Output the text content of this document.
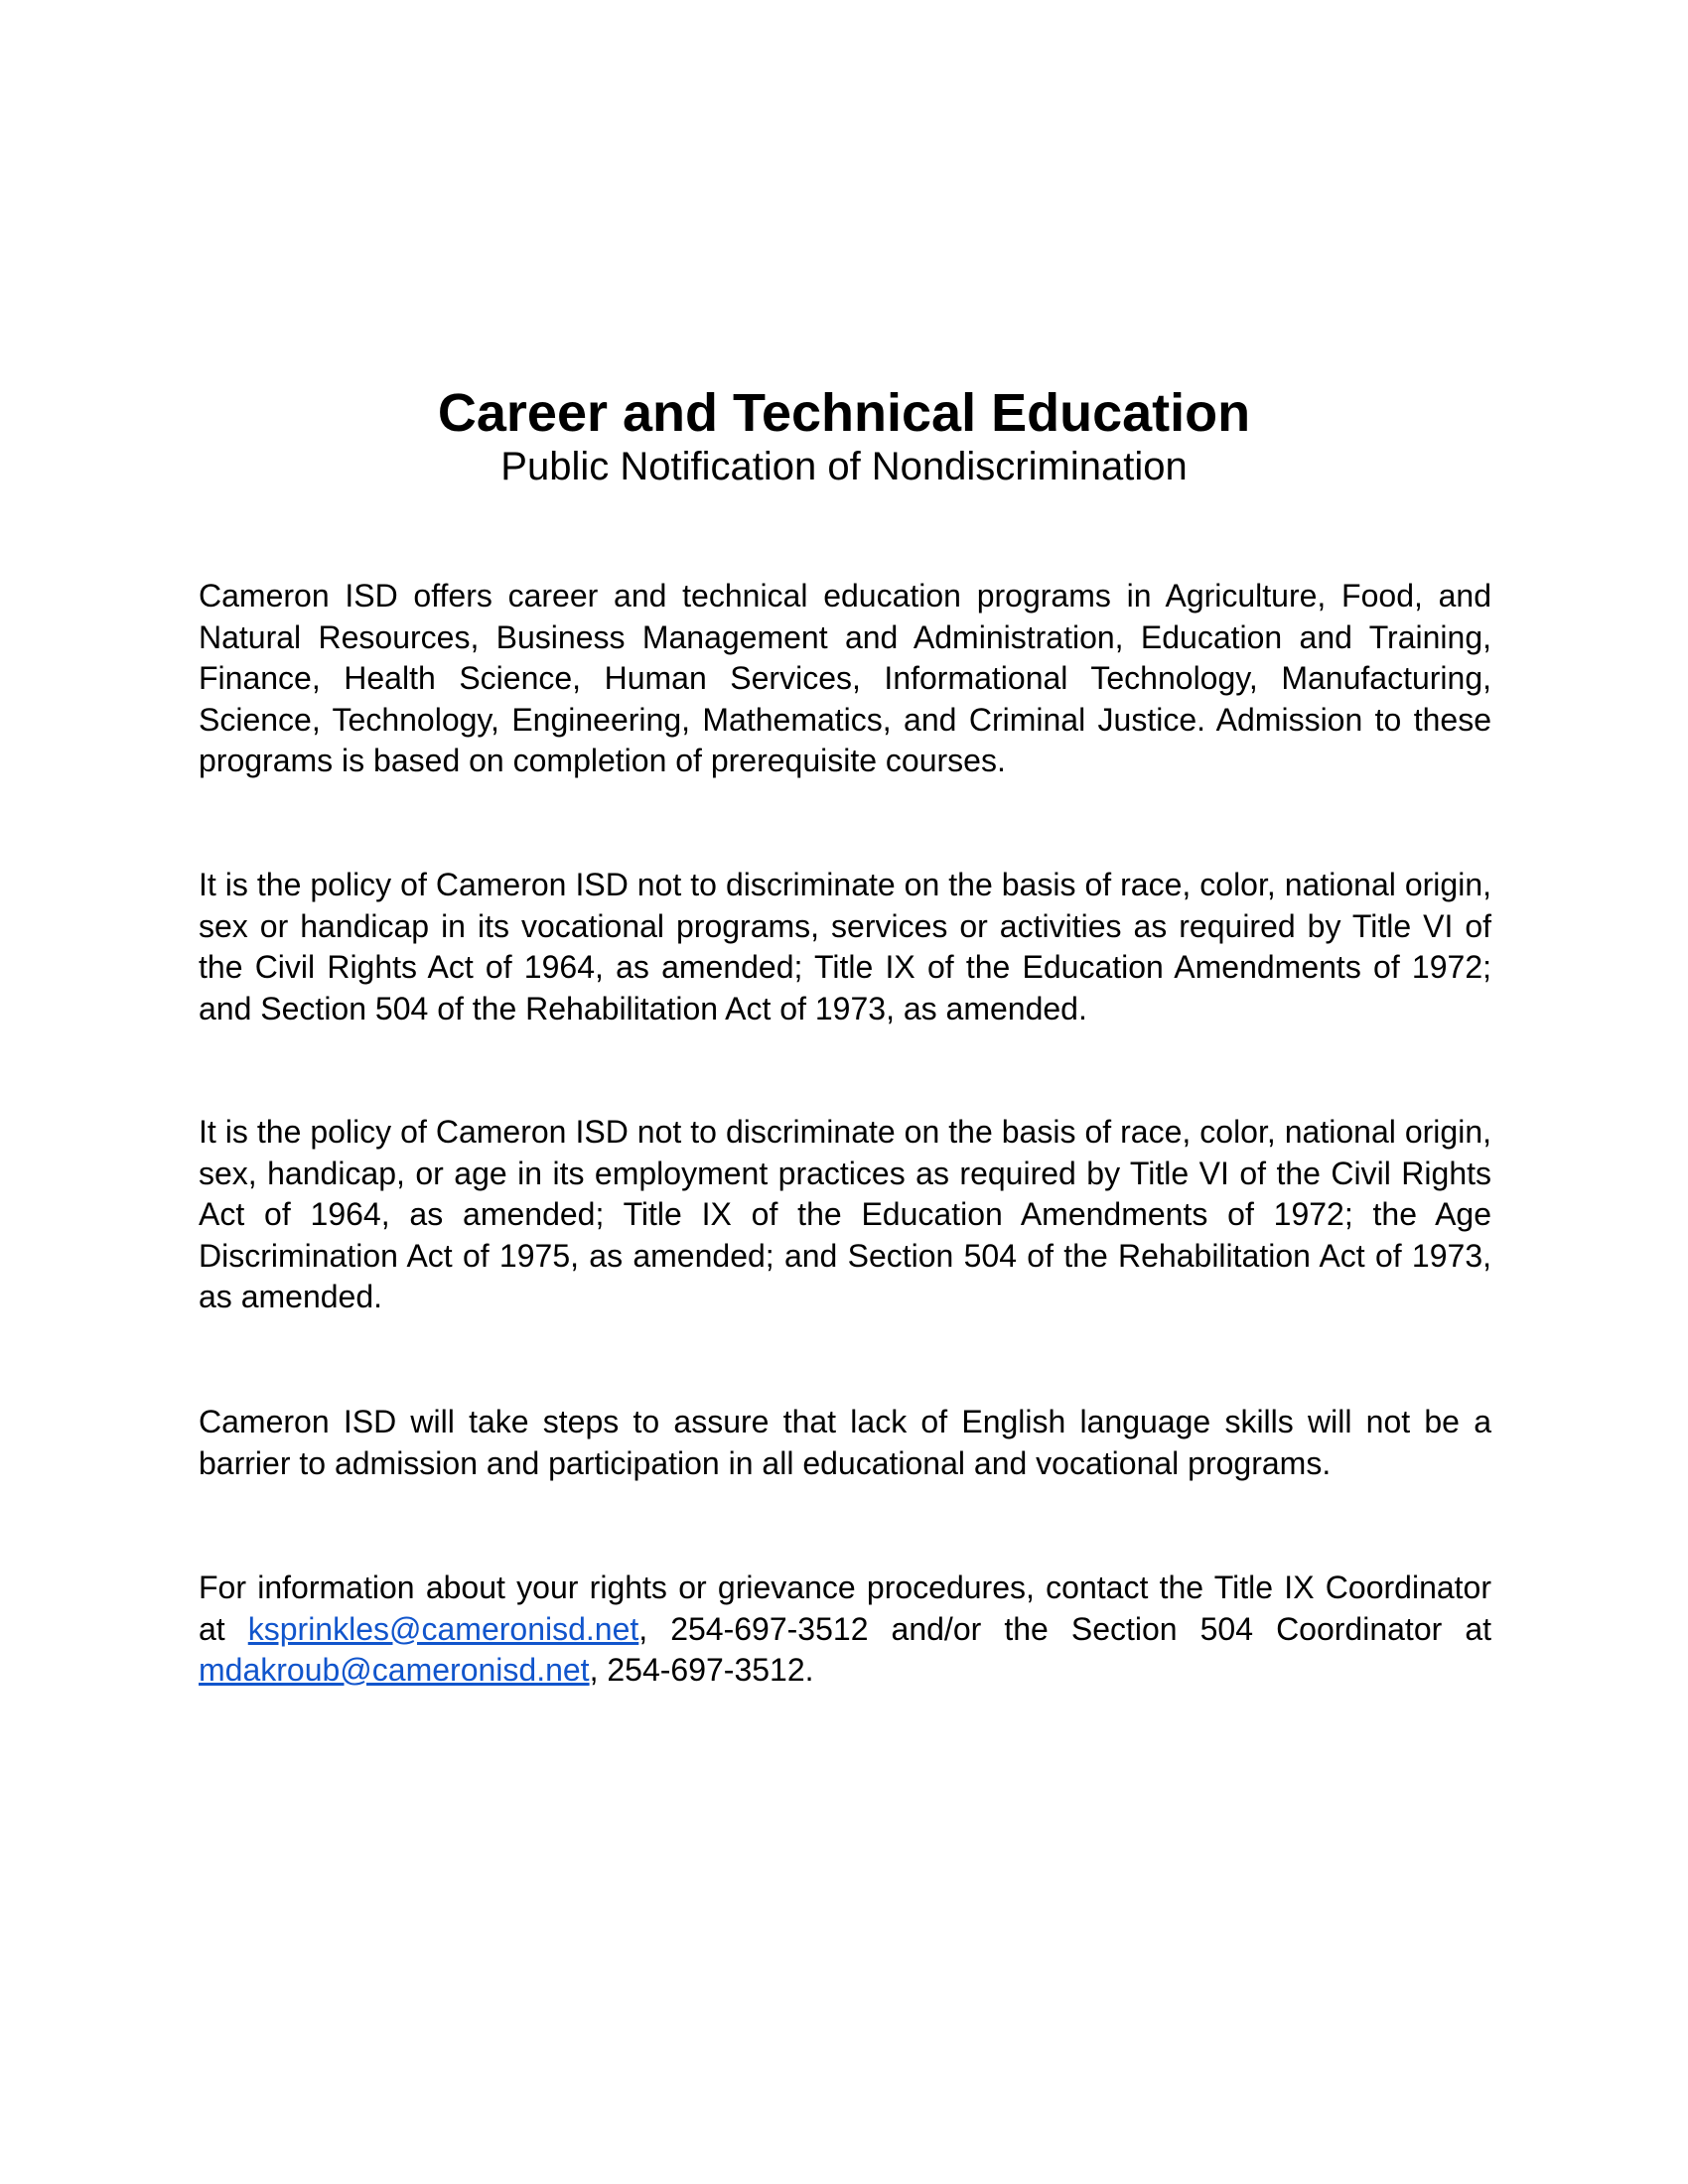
Career and Technical Education

Public Notification of Nondiscrimination

Cameron ISD offers career and technical education programs in Agriculture, Food, and Natural Resources, Business Management and Administration, Education and Training, Finance, Health Science, Human Services, Informational Technology, Manufacturing, Science, Technology, Engineering, Mathematics, and Criminal Justice. Admission to these programs is based on completion of prerequisite courses.

It is the policy of Cameron ISD not to discriminate on the basis of race, color, national origin, sex or handicap in its vocational programs, services or activities as required by Title VI of the Civil Rights Act of 1964, as amended; Title IX of the Education Amendments of 1972; and Section 504 of the Rehabilitation Act of 1973, as amended.

It is the policy of Cameron ISD not to discriminate on the basis of race, color, national origin, sex, handicap, or age in its employment practices as required by Title VI of the Civil Rights Act of 1964, as amended; Title IX of the Education Amendments of 1972; the Age Discrimination Act of 1975, as amended; and Section 504 of the Rehabilitation Act of 1973, as amended.

Cameron ISD will take steps to assure that lack of English language skills will not be a barrier to admission and participation in all educational and vocational programs.

For information about your rights or grievance procedures, contact the Title IX Coordinator at ksprinkles@cameronisd.net, 254-697-3512 and/or the Section 504 Coordinator at mdakroub@cameronisd.net, 254-697-3512.
